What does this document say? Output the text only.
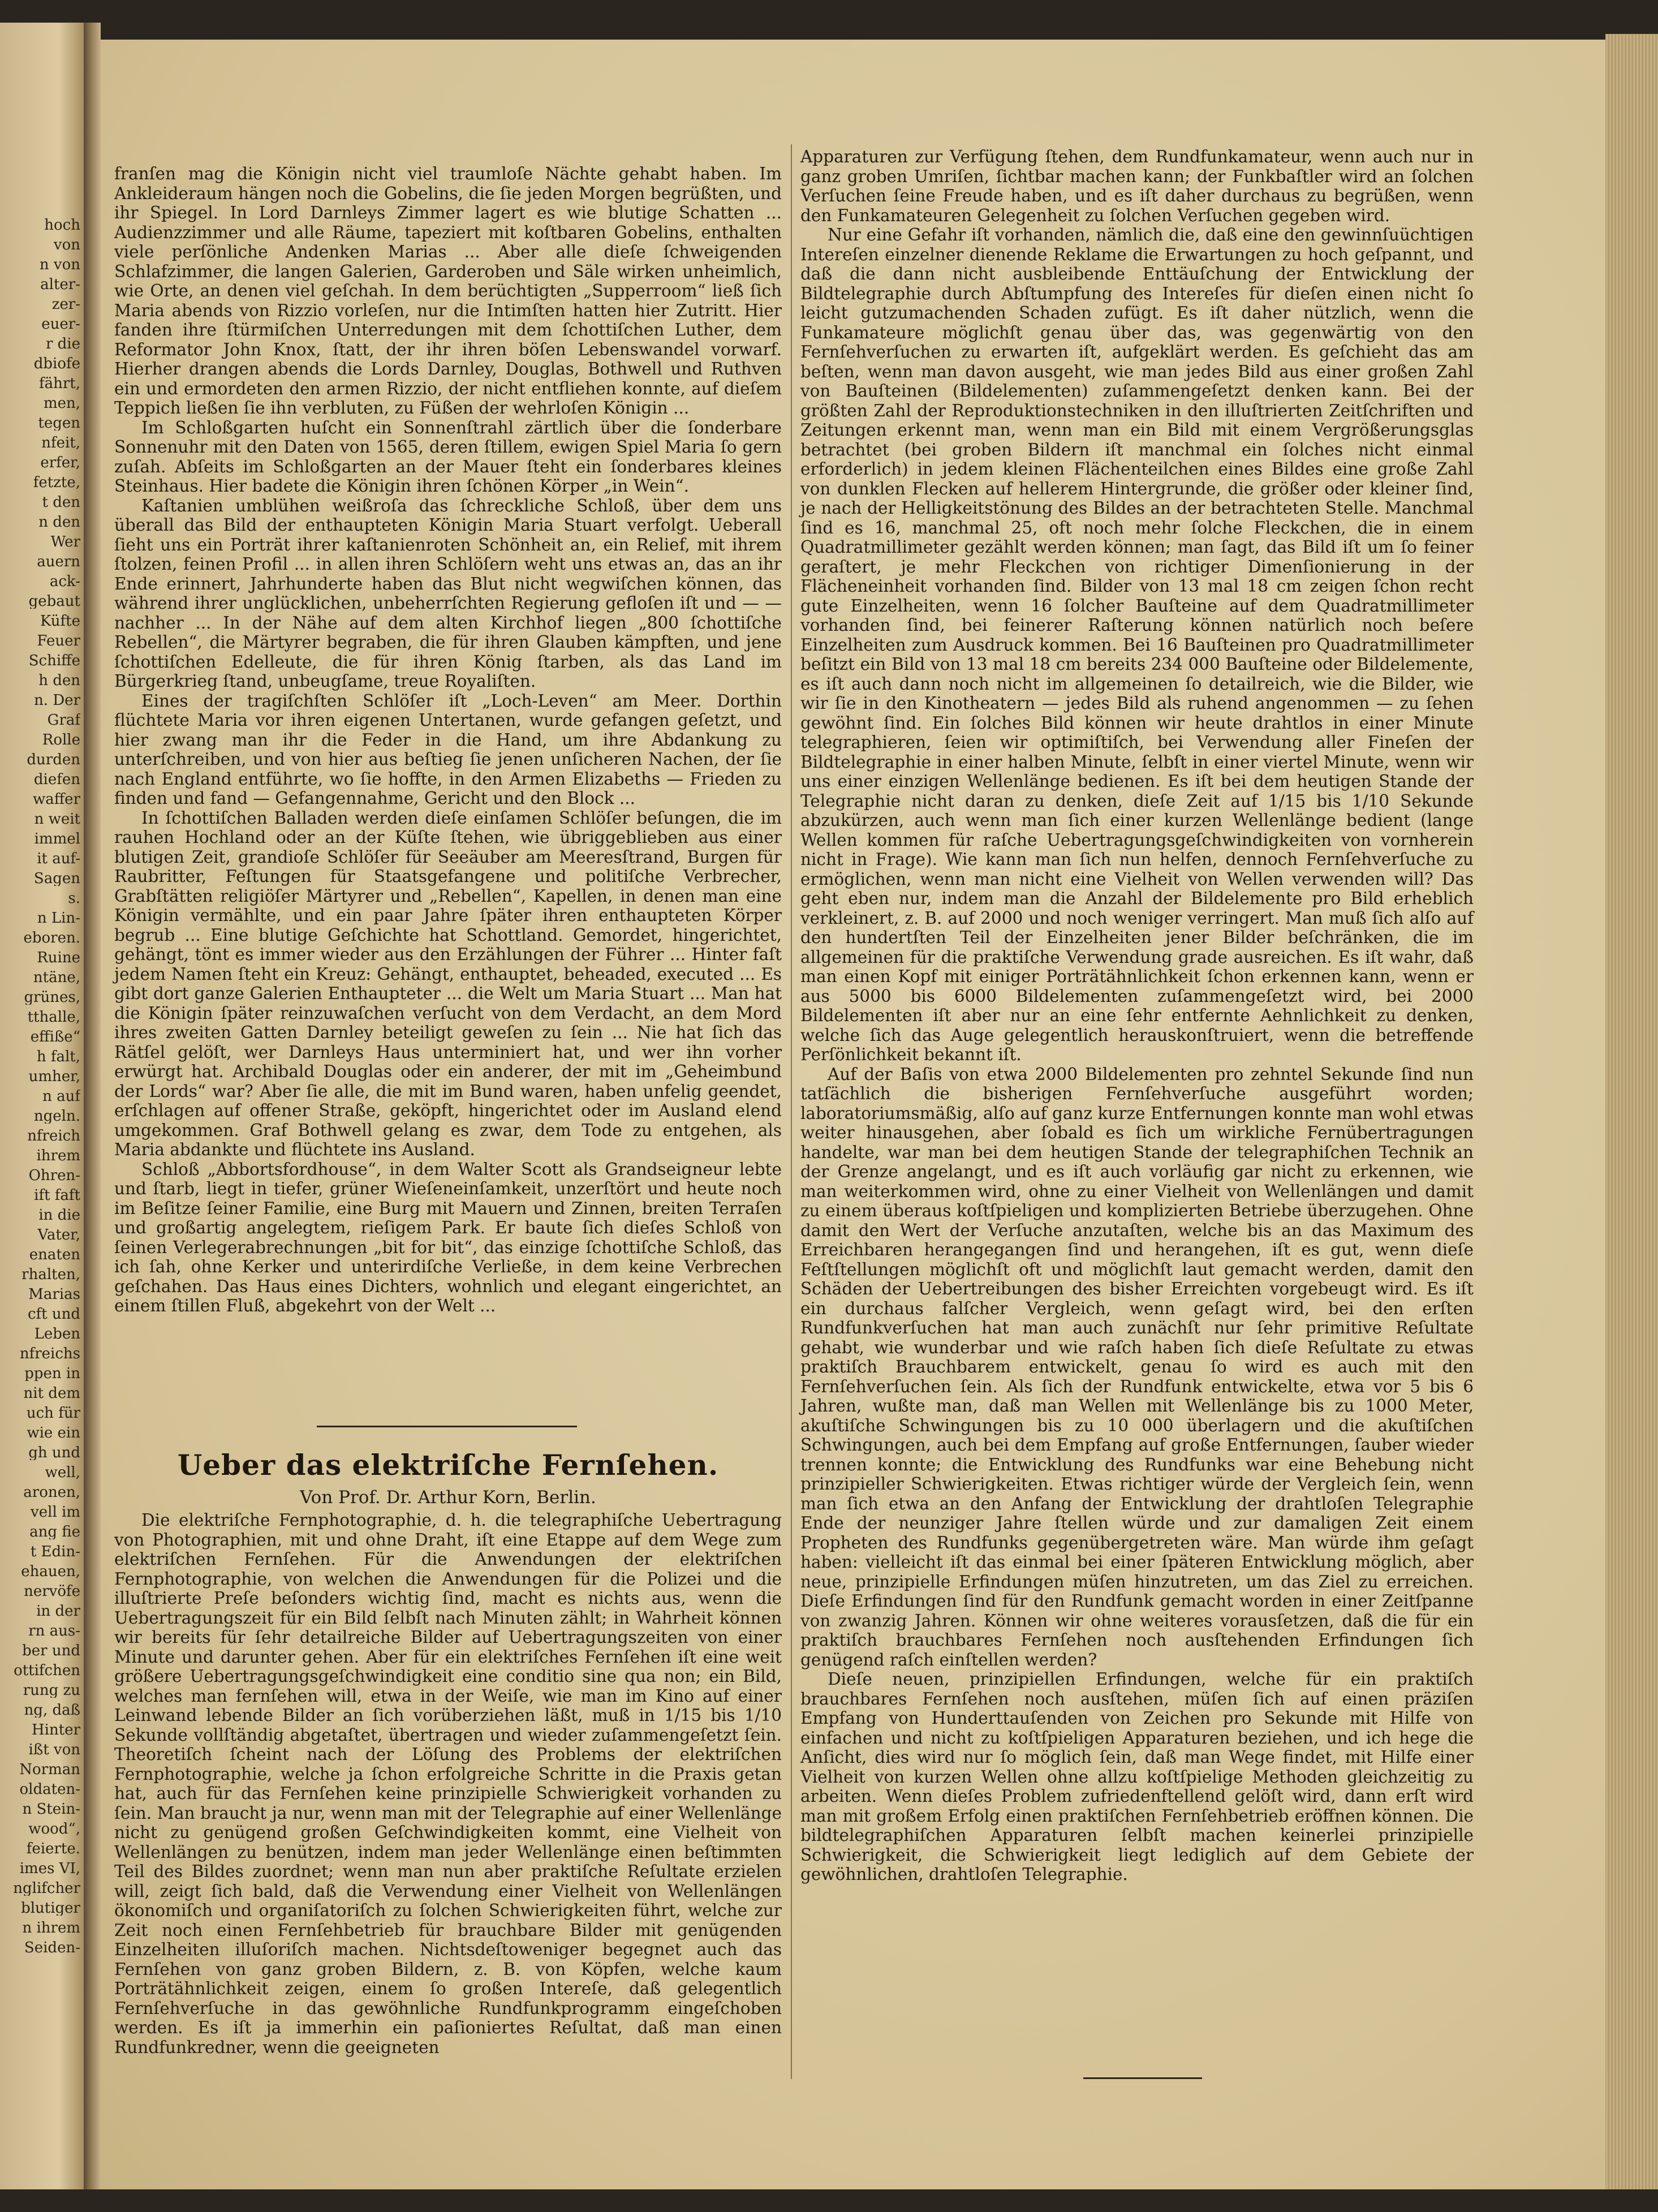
hoch
von
n von
alter-
zer-
euer-
r die
dbiofe
fährt,
men,
tegen
nfeit,
erfer,
fetzte,
t den
n den
Wer
auern
ack-
gebaut
Küfte
Feuer
Schiffe
h den
n. Der
Graf
Rolle
durden
diefen
waffer
n weit
immel
it auf-
Sagen
s.
n Lin-
eboren.
Ruine
ntäne,
grünes,
tthalle,
effiße“
h falt,
umher,
n auf
ngeln.
nfreich
ihrem
Ohren-
ift faft
in die
Vater,
enaten
rhalten,
Marias
cft und
Leben
nfreichs
ppen in
nit dem
uch für
wie ein
gh und
well,
aronen,
vell im
ang fie
t Edin-
ehauen,
nervöfe
in der
rn aus-
ber und
ottifchen
rung zu
ng, daß
Hinter
ißt von
Norman
oldaten-
n Stein-
wood“,
feierte.
imes VI,
nglifcher
blutiger
n ihrem
Seiden-

franſen mag die Königin nicht viel traumloſe Nächte gehabt haben. Im Ankleideraum hängen noch die Gobelins, die ſie jeden Morgen begrüßten, und ihr Spiegel. In Lord Darnleys Zimmer lagert es wie blutige Schatten ... Audienzzimmer und alle Räume, tapeziert mit koſtbaren Gobelins, enthalten viele perſönliche Andenken Marias ... Aber alle dieſe ſchweigenden Schlafzimmer, die langen Galerien, Garderoben und Säle wirken unheimlich, wie Orte, an denen viel geſchah. In dem berüchtigten „Supperroom“ ließ ſich Maria abends von Rizzio vorleſen, nur die Intimſten hatten hier Zutritt. Hier fanden ihre ſtürmiſchen Unterredungen mit dem ſchottiſchen Luther, dem Reformator John Knox, ſtatt, der ihr ihren böſen Lebenswandel vorwarf. Hierher drangen abends die Lords Darnley, Douglas, Bothwell und Ruthven ein und ermordeten den armen Rizzio, der nicht entfliehen konnte, auf dieſem Teppich ließen ſie ihn verbluten, zu Füßen der wehrloſen Königin ...

Im Schloßgarten huſcht ein Sonnenſtrahl zärtlich über die ſonderbare Sonnenuhr mit den Daten von 1565, deren ſtillem, ewigen Spiel Maria ſo gern zuſah. Abſeits im Schloßgarten an der Mauer ſteht ein ſonderbares kleines Steinhaus. Hier badete die Königin ihren ſchönen Körper „in Wein“.

Kaſtanien umblühen weißroſa das ſchreckliche Schloß, über dem uns überall das Bild der enthaupteten Königin Maria Stuart verfolgt. Ueberall ſieht uns ein Porträt ihrer kaſtanienroten Schönheit an, ein Relief, mit ihrem ſtolzen, feinen Profil ... in allen ihren Schlöſern weht uns etwas an, das an ihr Ende erinnert, Jahrhunderte haben das Blut nicht wegwiſchen können, das während ihrer unglücklichen, unbeherrſchten Regierung gefloſen iſt und — — nachher ... In der Nähe auf dem alten Kirchhof liegen „800 ſchottiſche Rebellen“, die Märtyrer begraben, die für ihren Glauben kämpften, und jene ſchottiſchen Edelleute, die für ihren König ſtarben, als das Land im Bürgerkrieg ſtand, unbeugſame, treue Royaliſten.

Eines der tragiſchſten Schlöſer iſt „Loch-Leven“ am Meer. Dorthin flüchtete Maria vor ihren eigenen Untertanen, wurde gefangen geſetzt, und hier zwang man ihr die Feder in die Hand, um ihre Abdankung zu unterſchreiben, und von hier aus beſtieg ſie jenen unſicheren Nachen, der ſie nach England entführte, wo ſie hoffte, in den Armen Elizabeths — Frieden zu finden und fand — Gefangennahme, Gericht und den Block ...

In ſchottiſchen Balladen werden dieſe einſamen Schlöſer beſungen, die im rauhen Hochland oder an der Küſte ſtehen, wie übriggeblieben aus einer blutigen Zeit, grandioſe Schlöſer für Seeäuber am Meeresſtrand, Burgen für Raubritter, Feſtungen für Staatsgefangene und politiſche Verbrecher, Grabſtätten religiöſer Märtyrer und „Rebellen“, Kapellen, in denen man eine Königin vermählte, und ein paar Jahre ſpäter ihren enthaupteten Körper begrub ... Eine blutige Geſchichte hat Schottland. Gemordet, hingerichtet, gehängt, tönt es immer wieder aus den Erzählungen der Führer ... Hinter faſt jedem Namen ſteht ein Kreuz: Gehängt, enthauptet, beheaded, executed ... Es gibt dort ganze Galerien Enthaupteter ... die Welt um Maria Stuart ... Man hat die Königin ſpäter reinzuwaſchen verſucht von dem Verdacht, an dem Mord ihres zweiten Gatten Darnley beteiligt geweſen zu ſein ... Nie hat ſich das Rätſel gelöſt, wer Darnleys Haus unterminiert hat, und wer ihn vorher erwürgt hat. Archibald Douglas oder ein anderer, der mit im „Geheimbund der Lords“ war? Aber ſie alle, die mit im Bund waren, haben unfelig geendet, erſchlagen auf offener Straße, geköpft, hingerichtet oder im Ausland elend umgekommen. Graf Bothwell gelang es zwar, dem Tode zu entgehen, als Maria abdankte und flüchtete ins Ausland.

Schloß „Abbortsfordhouse“, in dem Walter Scott als Grandseigneur lebte und ſtarb, liegt in tiefer, grüner Wieſeneinſamkeit, unzerſtört und heute noch im Beſitze ſeiner Familie, eine Burg mit Mauern und Zinnen, breiten Terraſen und großartig angelegtem, rieſigem Park. Er baute ſich dieſes Schloß von ſeinen Verlegerabrechnungen „bit for bit“, das einzige ſchottiſche Schloß, das ich ſah, ohne Kerker und unterirdiſche Verließe, in dem keine Verbrechen geſchahen. Das Haus eines Dichters, wohnlich und elegant eingerichtet, an einem ſtillen Fluß, abgekehrt von der Welt ...

Ueber das elektriſche Fernſehen.
Von Prof. Dr. Arthur Korn, Berlin.

Die elektriſche Fernphotographie, d. h. die telegraphiſche Uebertragung von Photographien, mit und ohne Draht, iſt eine Etappe auf dem Wege zum elektriſchen Fernſehen. Für die Anwendungen der elektriſchen Fernphotographie, von welchen die Anwendungen für die Polizei und die illuſtrierte Preſe beſonders wichtig ſind, macht es nichts aus, wenn die Uebertragungszeit für ein Bild ſelbſt nach Minuten zählt; in Wahrheit können wir bereits für ſehr detailreiche Bilder auf Uebertragungszeiten von einer Minute und darunter gehen. Aber für ein elektriſches Fernſehen iſt eine weit größere Uebertragungsgeſchwindigkeit eine conditio sine qua non; ein Bild, welches man fernſehen will, etwa in der Weiſe, wie man im Kino auf einer Leinwand lebende Bilder an ſich vorüberziehen läßt, muß in 1/15 bis 1/10 Sekunde vollſtändig abgetaſtet, übertragen und wieder zuſammengeſetzt ſein. Theoretiſch ſcheint nach der Löſung des Problems der elektriſchen Fernphotographie, welche ja ſchon erfolgreiche Schritte in die Praxis getan hat, auch für das Fernſehen keine prinzipielle Schwierigkeit vorhanden zu ſein. Man braucht ja nur, wenn man mit der Telegraphie auf einer Wellenlänge nicht zu genügend großen Geſchwindigkeiten kommt, eine Vielheit von Wellenlängen zu benützen, indem man jeder Wellenlänge einen beſtimmten Teil des Bildes zuordnet; wenn man nun aber praktiſche Reſultate erzielen will, zeigt ſich bald, daß die Verwendung einer Vielheit von Wellenlängen ökonomiſch und organiſatoriſch zu ſolchen Schwierigkeiten führt, welche zur Zeit noch einen Fernſehbetrieb für brauchbare Bilder mit genügenden Einzelheiten illuſoriſch machen. Nichtsdeſtoweniger begegnet auch das Fernſehen von ganz groben Bildern, z. B. von Köpfen, welche kaum Porträtähnlichkeit zeigen, einem ſo großen Intereſe, daß gelegentlich Fernſehverſuche in das gewöhnliche Rundfunkprogramm eingeſchoben werden. Es iſt ja immerhin ein paſioniertes Reſultat, daß man einen Rundfunkredner, wenn die geeigneten

Apparaturen zur Verfügung ſtehen, dem Rundfunkamateur, wenn auch nur in ganz groben Umriſen, ſichtbar machen kann; der Funkbaſtler wird an ſolchen Verſuchen ſeine Freude haben, und es iſt daher durchaus zu begrüßen, wenn den Funkamateuren Gelegenheit zu ſolchen Verſuchen gegeben wird.

Nur eine Gefahr iſt vorhanden, nämlich die, daß eine den gewinnſuüchtigen Intereſen einzelner dienende Reklame die Erwartungen zu hoch geſpannt, und daß die dann nicht ausbleibende Enttäuſchung der Entwicklung der Bildtelegraphie durch Abſtumpfung des Intereſes für dieſen einen nicht ſo leicht gutzumachenden Schaden zufügt. Es iſt daher nützlich, wenn die Funkamateure möglichſt genau über das, was gegenwärtig von den Fernſehverſuchen zu erwarten iſt, aufgeklärt werden. Es geſchieht das am beſten, wenn man davon ausgeht, wie man jedes Bild aus einer großen Zahl von Bauſteinen (Bildelementen) zuſammengeſetzt denken kann. Bei der größten Zahl der Reproduktionstechniken in den illuſtrierten Zeitſchriften und Zeitungen erkennt man, wenn man ein Bild mit einem Vergrößerungsglas betrachtet (bei groben Bildern iſt manchmal ein ſolches nicht einmal erforderlich) in jedem kleinen Flächenteilchen eines Bildes eine große Zahl von dunklen Flecken auf hellerem Hintergrunde, die größer oder kleiner ſind, je nach der Helligkeitstönung des Bildes an der betrachteten Stelle. Manchmal ſind es 16, manchmal 25, oft noch mehr ſolche Fleckchen, die in einem Quadratmillimeter gezählt werden können; man ſagt, das Bild iſt um ſo feiner geraſtert, je mehr Fleckchen von richtiger Dimenſionierung in der Flächeneinheit vorhanden ſind. Bilder von 13 mal 18 cm zeigen ſchon recht gute Einzelheiten, wenn 16 ſolcher Bauſteine auf dem Quadratmillimeter vorhanden ſind, bei feinerer Raſterung können natürlich noch beſere Einzelheiten zum Ausdruck kommen. Bei 16 Bauſteinen pro Quadratmillimeter beſitzt ein Bild von 13 mal 18 cm bereits 234 000 Bauſteine oder Bildelemente, es iſt auch dann noch nicht im allgemeinen ſo detailreich, wie die Bilder, wie wir ſie in den Kinotheatern — jedes Bild als ruhend angenommen — zu ſehen gewöhnt ſind. Ein ſolches Bild können wir heute drahtlos in einer Minute telegraphieren, ſeien wir optimiſtiſch, bei Verwendung aller Fineſen der Bildtelegraphie in einer halben Minute, ſelbſt in einer viertel Minute, wenn wir uns einer einzigen Wellenlänge bedienen. Es iſt bei dem heutigen Stande der Telegraphie nicht daran zu denken, dieſe Zeit auf 1/15 bis 1/10 Sekunde abzukürzen, auch wenn man ſich einer kurzen Wellenlänge bedient (lange Wellen kommen für raſche Uebertragungsgeſchwindigkeiten von vornherein nicht in Frage). Wie kann man ſich nun helfen, dennoch Fernſehverſuche zu ermöglichen, wenn man nicht eine Vielheit von Wellen verwenden will? Das geht eben nur, indem man die Anzahl der Bildelemente pro Bild erheblich verkleinert, z. B. auf 2000 und noch weniger verringert. Man muß ſich alſo auf den hundertſten Teil der Einzelheiten jener Bilder beſchränken, die im allgemeinen für die praktiſche Verwendung grade ausreichen. Es iſt wahr, daß man einen Kopf mit einiger Porträtähnlichkeit ſchon erkennen kann, wenn er aus 5000 bis 6000 Bildelementen zuſammengeſetzt wird, bei 2000 Bildelementen iſt aber nur an eine ſehr entfernte Aehnlichkeit zu denken, welche ſich das Auge gelegentlich herauskonſtruiert, wenn die betreffende Perſönlichkeit bekannt iſt.

Auf der Baſis von etwa 2000 Bildelementen pro zehntel Sekunde ſind nun tatſächlich die bisherigen Fernſehverſuche ausgeführt worden; laboratoriumsmäßig, alſo auf ganz kurze Entfernungen konnte man wohl etwas weiter hinausgehen, aber ſobald es ſich um wirkliche Fernübertragungen handelte, war man bei dem heutigen Stande der telegraphiſchen Technik an der Grenze angelangt, und es iſt auch vorläufig gar nicht zu erkennen, wie man weiterkommen wird, ohne zu einer Vielheit von Wellenlängen und damit zu einem überaus koſtſpieligen und komplizierten Betriebe überzugehen. Ohne damit den Wert der Verſuche anzutaſten, welche bis an das Maximum des Erreichbaren herangegangen ſind und herangehen, iſt es gut, wenn dieſe Feſtſtellungen möglichſt oft und möglichſt laut gemacht werden, damit den Schäden der Uebertreibungen des bisher Erreichten vorgebeugt wird. Es iſt ein durchaus falſcher Vergleich, wenn geſagt wird, bei den erſten Rundfunkverſuchen hat man auch zunächſt nur ſehr primitive Reſultate gehabt, wie wunderbar und wie raſch haben ſich dieſe Reſultate zu etwas praktiſch Brauchbarem entwickelt, genau ſo wird es auch mit den Fernſehverſuchen ſein. Als ſich der Rundfunk entwickelte, etwa vor 5 bis 6 Jahren, wußte man, daß man Wellen mit Wellenlänge bis zu 1000 Meter, akuſtiſche Schwingungen bis zu 10 000 überlagern und die akuſtiſchen Schwingungen, auch bei dem Empfang auf große Entfernungen, ſauber wieder trennen konnte; die Entwicklung des Rundfunks war eine Behebung nicht prinzipieller Schwierigkeiten. Etwas richtiger würde der Vergleich ſein, wenn man ſich etwa an den Anfang der Entwicklung der drahtloſen Telegraphie Ende der neunziger Jahre ſtellen würde und zur damaligen Zeit einem Propheten des Rundfunks gegenübergetreten wäre. Man würde ihm geſagt haben: vielleicht iſt das einmal bei einer ſpäteren Entwicklung möglich, aber neue, prinzipielle Erfindungen müſen hinzutreten, um das Ziel zu erreichen. Dieſe Erfindungen ſind für den Rundfunk gemacht worden in einer Zeitſpanne von zwanzig Jahren. Können wir ohne weiteres vorausſetzen, daß die für ein praktiſch brauchbares Fernſehen noch ausſtehenden Erfindungen ſich genügend raſch einſtellen werden?

Dieſe neuen, prinzipiellen Erfindungen, welche für ein praktiſch brauchbares Fernſehen noch ausſtehen, müſen ſich auf einen präziſen Empfang von Hunderttauſenden von Zeichen pro Sekunde mit Hilfe von einfachen und nicht zu koſtſpieligen Apparaturen beziehen, und ich hege die Anſicht, dies wird nur ſo möglich ſein, daß man Wege findet, mit Hilfe einer Vielheit von kurzen Wellen ohne allzu koſtſpielige Methoden gleichzeitig zu arbeiten. Wenn dieſes Problem zufriedenftellend gelöſt wird, dann erſt wird man mit großem Erfolg einen praktiſchen Fernſehbetrieb eröffnen können. Die bildtelegraphiſchen Apparaturen ſelbſt machen keinerlei prinzipielle Schwierigkeit, die Schwierigkeit liegt lediglich auf dem Gebiete der gewöhnlichen, drahtloſen Telegraphie.
